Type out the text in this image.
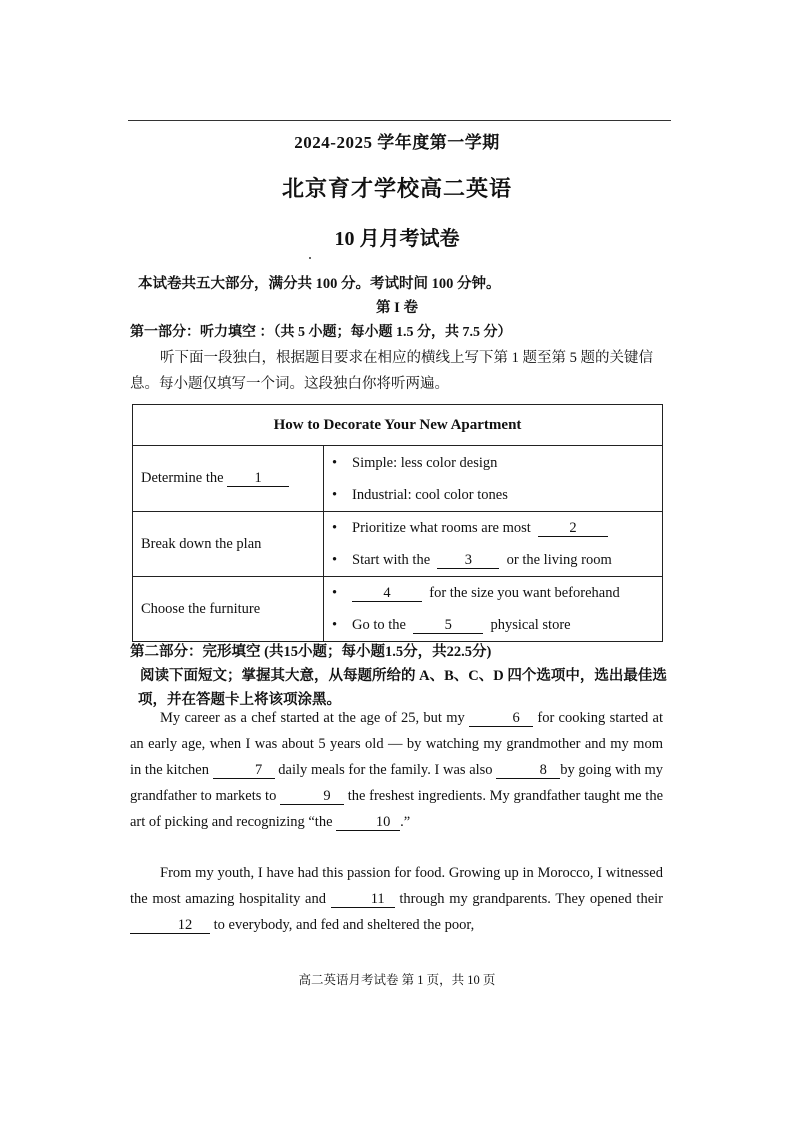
2024-2025 学年度第一学期
北京育才学校高二英语
10 月月考试卷
本试卷共五大部分，满分共 100 分。考试时间 100 分钟。
第 I 卷
第一部分：听力填空 ：（共 5 小题；每小题 1.5 分，共 7.5 分）
听下面一段独白，根据题目要求在相应的横线上写下第 1 题至第 5 题的关键信息。每小题仅填写一个词。这段独白你将听两遍。
How to Decorate Your New Apartment	
Determine the 1	• Simple: less color design
• Industrial: cool color tones

Break down the plan	• Prioritize what rooms are most 2
• Start with the 3 or the living room

Choose the furniture	• 4 for the size you want beforehand
• Go to the 5 physical store
第二部分：完形填空 (共15小题；每小题1.5分，共22.5分)
阅读下面短文；掌握其大意，从每题所给的 A、B、C、D 四个选项中，选出最佳选项，并在答题卡上将该项涂黑。
My career as a chef started at the age of 25, but my	6 for cooking started at an early age, when I was about 5 years old — by watching my grandmother and my mom in the kitchen	7 daily meals for the family. I was also	8 by going with my grandfather to markets to	9 the freshest ingredients. My grandfather taught me the art of picking and recognizing “the	10 .”
From my youth, I have had this passion for food. Growing up in Morocco, I witnessed the most amazing hospitality and	11 through my grandparents. They opened their 12 to everybody, and fed and sheltered the poor,
高二英语月考试卷 第 1 页，共 10 页
